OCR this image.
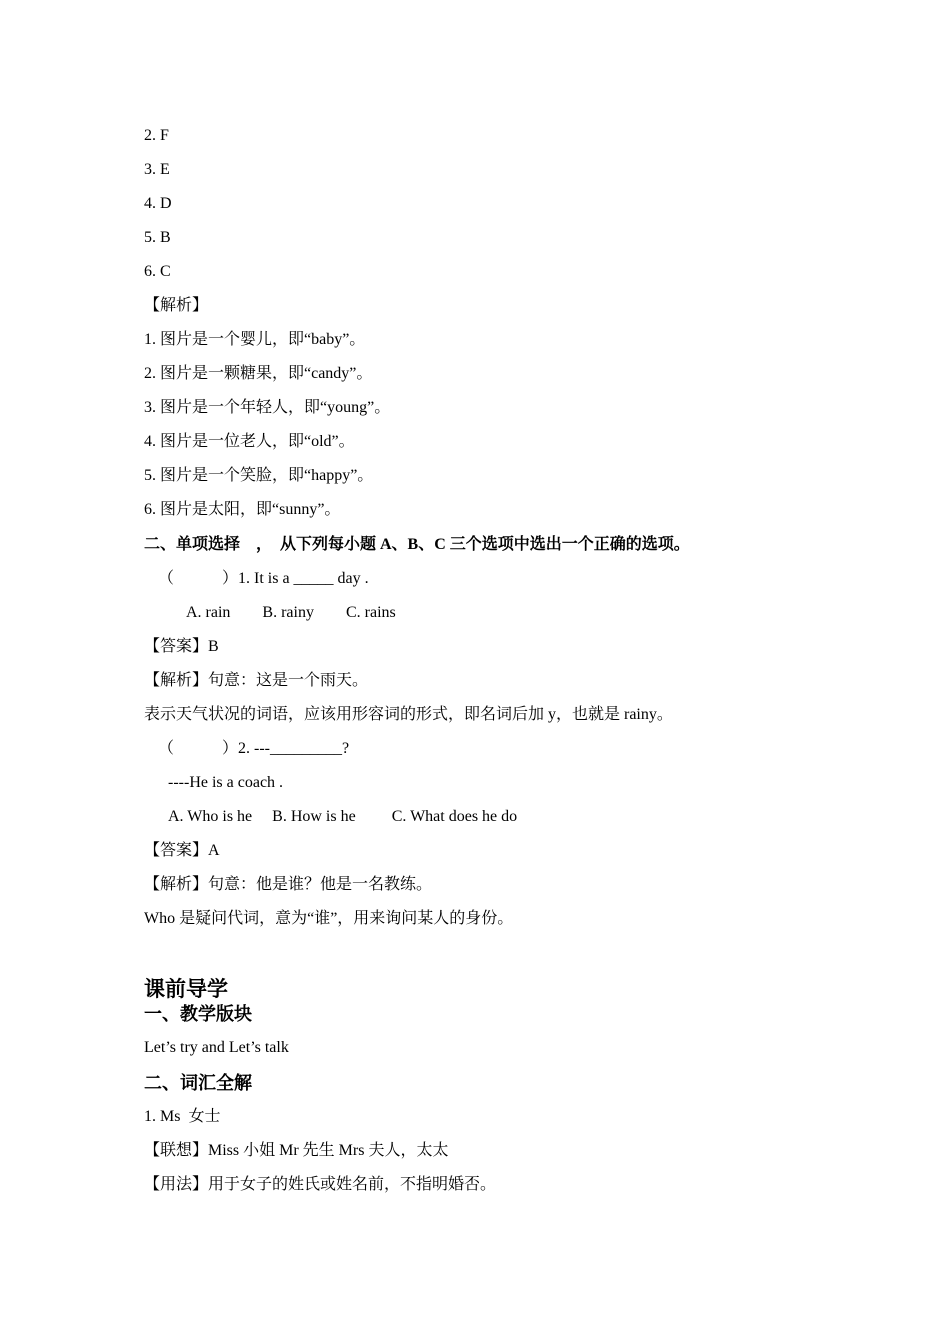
2. F
3. E
4. D
5. B
6. C
【解析】
1. 图片是一个婴儿，即“baby”。
2. 图片是一颗糖果，即“candy”。
3. 图片是一个年轻人，即“young”。
4. 图片是一位老人，即“old”。
5. 图片是一个笑脸，即“happy”。
6. 图片是太阳，即“sunny”。
二、单项选择　，　从下列每小题 A、B、C 三个选项中选出一个正确的选项。
（　　　）1. It is a _____ day .
A. rain　　B. rainy　　C. rains
【答案】B
【解析】句意：这是一个雨天。
表示天气状况的词语，应该用形容词的形式，即名词后加 y，也就是 rainy。
（　　　）2. ---_________?
----He is a coach .
A. Who is he　 B. How is he　　 C. What does he do
【答案】A
【解析】句意：他是谁？他是一名教练。
Who 是疑问代词，意为“谁”，用来询问某人的身份。
课前导学
一、教学版块
Let’s try and Let’s talk
二、词汇全解
1. Ms  女士
【联想】Miss 小姐 Mr 先生 Mrs 夫人，太太
【用法】用于女子的姓氏或姓名前，不指明婚否。
